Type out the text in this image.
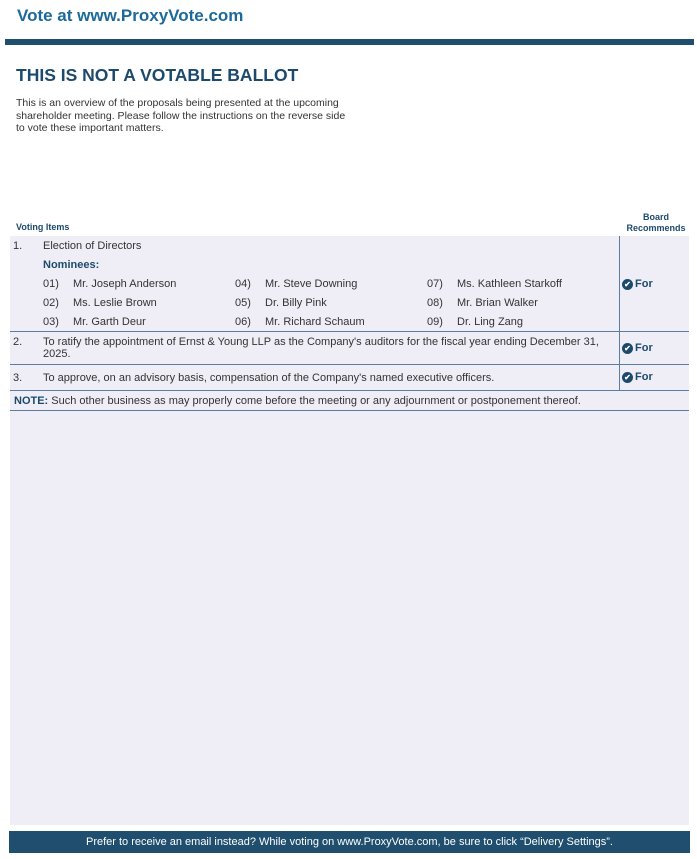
Vote at www.ProxyVote.com
THIS IS NOT A VOTABLE BALLOT
This is an overview of the proposals being presented at the upcoming shareholder meeting. Please follow the instructions on the reverse side to vote these important matters.
Voting Items
Board Recommends
1. Election of Directors
Nominees:
01) Mr. Joseph Anderson
02) Ms. Leslie Brown
03) Mr. Garth Deur
04) Mr. Steve Downing
05) Dr. Billy Pink
06) Mr. Richard Schaum
07) Ms. Kathleen Starkoff
08) Mr. Brian Walker
09) Dr. Ling Zang
✔ For
2. To ratify the appointment of Ernst & Young LLP as the Company's auditors for the fiscal year ending December 31, 2025.	✔ For
3. To approve, on an advisory basis, compensation of the Company's named executive officers.	✔ For
NOTE: Such other business as may properly come before the meeting or any adjournment or postponement thereof.
Prefer to receive an email instead? While voting on www.ProxyVote.com, be sure to click “Delivery Settings”.
